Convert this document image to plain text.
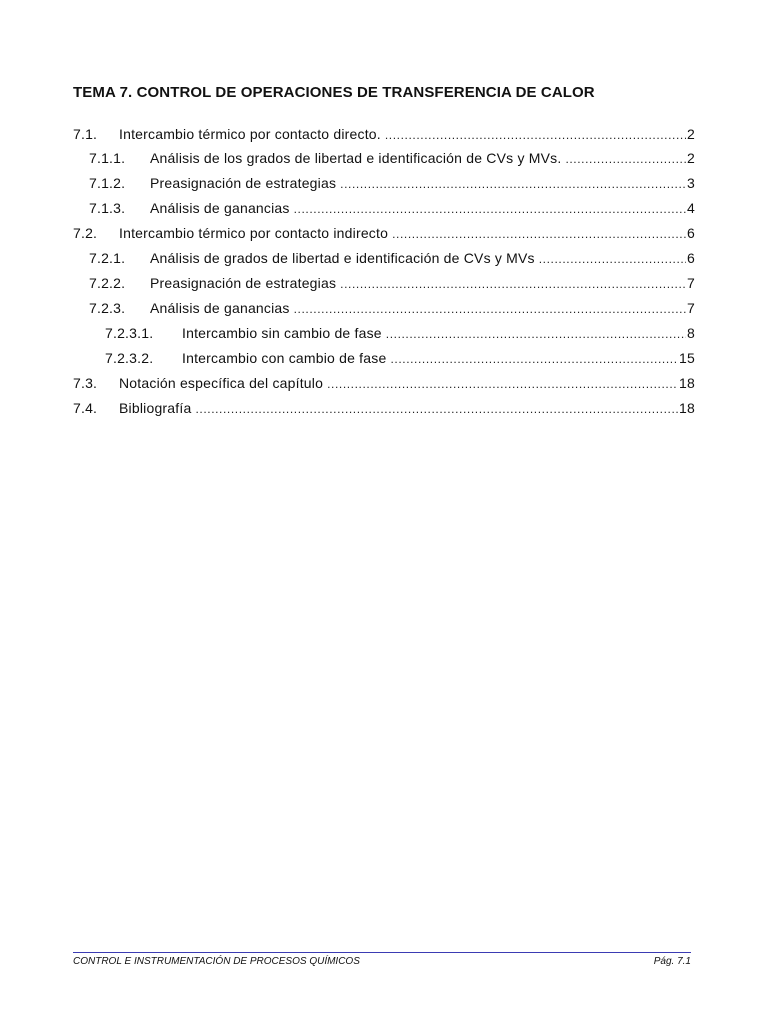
TEMA 7. CONTROL DE OPERACIONES DE TRANSFERENCIA DE CALOR
7.1.	Intercambio térmico por contacto directo. .....	2
7.1.1.	Análisis de los grados de libertad e identificación de CVs y MVs. .....	2
7.1.2.	Preasignación de estrategias .....	3
7.1.3.	Análisis de ganancias .....	4
7.2.	Intercambio térmico por contacto indirecto .....	6
7.2.1.	Análisis de grados de libertad e identificación de CVs y MVs .....	6
7.2.2.	Preasignación de estrategias .....	7
7.2.3.	Análisis de ganancias .....	7
7.2.3.1.	Intercambio sin cambio de fase .....	8
7.2.3.2.	Intercambio con cambio de fase .....	15
7.3.	Notación específica del capítulo .....	18
7.4.	Bibliografía .....	18
CONTROL E INSTRUMENTACIÓN DE PROCESOS QUÍMICOS	Pág. 7.1
